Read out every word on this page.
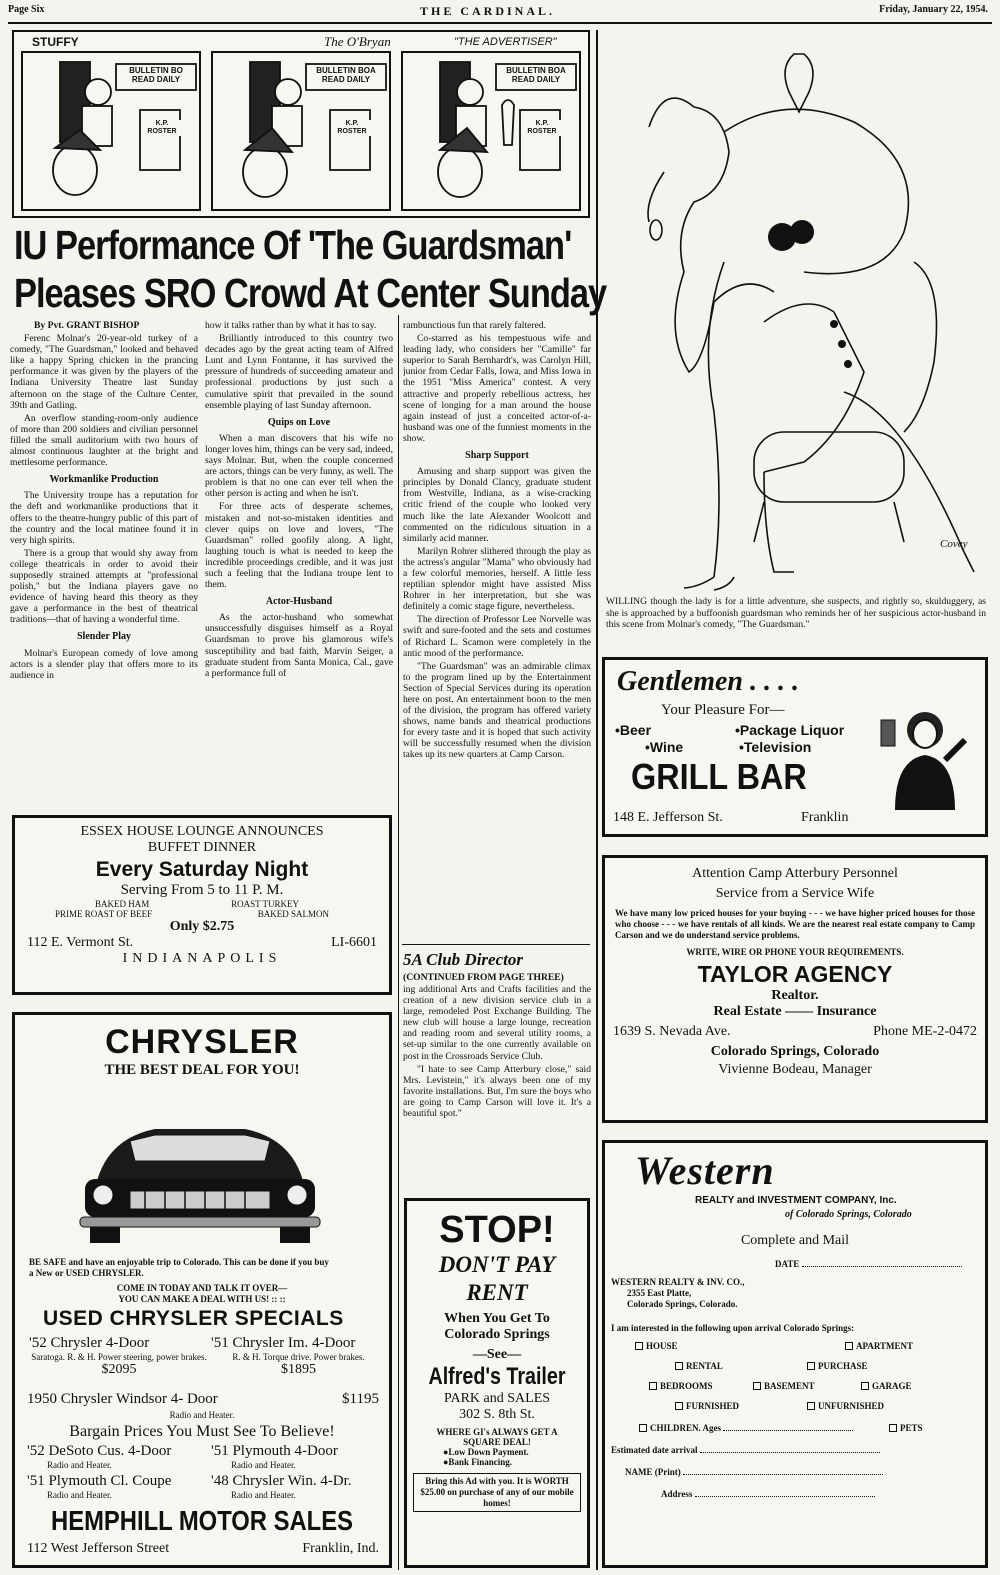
Page Six	THE CARDINAL.	Friday, January 22, 1954.
STUFFY	The O'Bryan	"THE ADVERTISER"
BULLETIN BO
READ DAILY
BULLETIN BOA
READ DAILY
BULLETIN BOA
READ DAILY
K.P. ROSTER
K.P. ROSTER
K.P. ROSTER
IU Performance Of 'The Guardsman'
Pleases SRO Crowd At Center Sunday
By Pvt. GRANT BISHOP

Ferenc Molnar's 20-year-old turkey of a comedy, "The Guardsman," looked and behaved like a happy Spring chicken in the prancing performance it was given by the players of the Indiana University Theatre last Sunday afternoon on the stage of the Culture Center, 39th and Gatling.

An overflow standing-room-only audience of more than 200 soldiers and civilian personnel filled the small auditorium with two hours of almost continuous laughter at the bright and mettlesome performance.

Workmanlike Production

The University troupe has a reputation for the deft and workmanlike productions that it offers to the theatre-hungry public of this part of the country and the local matinee found it in very high spirits.

There is a group that would shy away from college theatricals in order to avoid their supposedly strained attempts at "professional polish," but the Indiana players gave no evidence of having heard this theory as they gave a performance in the best of theatrical traditions—that of having a wonderful time.

Slender Play

Molnar's European comedy of love among actors is a slender play that offers more to its audience in

how it talks rather than by what it has to say.

Brilliantly introduced to this country two decades ago by the great acting team of Alfred Lunt and Lynn Fontanne, it has survived the pressure of hundreds of succeeding amateur and professional productions by just such a cumulative spirit that prevailed in the sound ensemble playing of last Sunday afternoon.

Quips on Love

When a man discovers that his wife no longer loves him, things can be very sad, indeed, says Molnar. But, when the couple concerned are actors, things can be very funny, as well. The problem is that no one can ever tell when the other person is acting and when he isn't.

For three acts of desperate schemes, mistaken and not-so-mistaken identities and clever quips on love and lovers, "The Guardsman" rolled goofily along. A light, laughing touch is what is needed to keep the incredible proceedings credible, and it was just such a feeling that the Indiana troupe lent to them.

Actor-Husband

As the actor-husband who somewhat unsuccessfully disguises himself as a Royal Guardsman to prove his glamorous wife's susceptibility and bad faith, Marvin Seiger, a graduate student from Santa Monica, Cal., gave a performance full of

rambunctious fun that rarely faltered.

Co-starred as his tempestuous wife and leading lady, who considers her "Camille" far superior to Sarah Bernhardt's, was Carolyn Hill, junior from Cedar Falls, Iowa, and Miss Iowa in the 1951 "Miss America" contest. A very attractive and properly rebellious actress, her scene of longing for a man around the house again instead of just a conceited actor-of-a-husband was one of the funniest moments in the show.

Sharp Support

Amusing and sharp support was given the principles by Donald Clancy, graduate student from Westville, Indiana, as a wise-cracking critic friend of the couple who looked very much like the late Alexander Woolcott and commented on the ridiculous situation in a similarly acid manner.

Marilyn Rohrer slithered through the play as the actress's angular "Mama" who obviously had a few colorful memories, herself. A little less reptilian splendor might have assisted Miss Rohrer in her interpretation, but she was definitely a comic stage figure, nevertheless.

The direction of Professor Lee Norvelle was swift and sure-footed and the sets and costumes of Richard L. Scamon were completely in the antic mood of the performance.

"The Guardsman" was an admirable climax to the program lined up by the Entertainment Section of Special Services during its operation here on post. An entertainment boon to the men of the division, the program has offered variety shows, name bands and theatrical productions for every taste and it is hoped that such activity will be successfully resumed when the division takes up its new quarters at Camp Carson.

5A Club Director
(CONTINUED FROM PAGE THREE)

ing additional Arts and Crafts facilities and the creation of a new division service club in a large, remodeled Post Exchange Building. The new club will house a large lounge, recreation and reading room and several utility rooms, a set-up similar to the one currently available on post in the Crossroads Service Club.

"I hate to see Camp Atterbury close," said Mrs. Levistein," it's always been one of my favorite installations. But, I'm sure the boys who are going to Camp Carson will love it. It's a beautiful spot."

ESSEX HOUSE LOUNGE ANNOUNCES
BUFFET DINNER
Every Saturday Night
Serving From 5 to 11 P. M.
BAKED HAM	ROAST TURKEY
PRIME ROAST OF BEEF	BAKED SALMON
Only $2.75
112 E. Vermont St.	LI-6601
INDIANAPOLIS
CHRYSLER
THE BEST DEAL FOR YOU!
BE SAFE and have an enjoyable trip to Colorado. This can be done if you buy a New or USED CHRYSLER.
COME IN TODAY AND TALK IT OVER—
YOU CAN MAKE A DEAL WITH US! :: ::
USED CHRYSLER SPECIALS
'52 Chrysler 4-Door
Saratoga. R. & H. Power steering, power brakes.
$2095
'51 Chrysler Im. 4-Door
R. & H. Torque drive. Power brakes.
$1895
1950 Chrysler Windsor 4- Door	$1195
Radio and Heater.
Bargain Prices You Must See To Believe!
'52 DeSoto Cus. 4-Door
Radio and Heater.
'51 Plymouth 4-Door
Radio and Heater.
'51 Plymouth Cl. Coupe
Radio and Heater.
'48 Chrysler Win. 4-Dr.
Radio and Heater.
HEMPHILL MOTOR SALES
112 West Jefferson Street	Franklin, Ind.
STOP!
DON'T PAY
RENT
When You Get To
Colorado Springs
—See—
Alfred's Trailer
PARK and SALES
302 S. 8th St.
WHERE GI's ALWAYS GET A
SQUARE DEAL!
●Low Down Payment.
●Bank Financing.
Bring this Ad with you. It is WORTH $25.00 on purchase of any of our mobile homes!
Covey
WILLING though the lady is for a little adventure, she suspects, and rightly so, skulduggery, as she is approached by a buffoonish guardsman who reminds her of her suspicious actor-husband in this scene from Molnar's comedy, "The Guardsman."
Gentlemen . . . .
Your Pleasure For—
•Beer	•Package Liquor
•Wine	•Television
GRILL BAR
148 E. Jefferson St.	Franklin
Attention Camp Atterbury Personnel
Service from a Service Wife
We have many low priced houses for your buying - - - we have higher priced houses for those who choose - - - we have rentals of all kinds. We are the nearest real estate company to Camp Carson and we do understand service problems.
WRITE, WIRE OR PHONE YOUR REQUIREMENTS.
TAYLOR AGENCY
Realtor.
Real Estate —— Insurance
1639 S. Nevada Ave.	Phone ME-2-0472
Colorado Springs, Colorado
Vivienne Bodeau, Manager
Western
REALTY and INVESTMENT COMPANY, Inc.
of Colorado Springs, Colorado
Complete and Mail
DATE
WESTERN REALTY & INV. CO.,
2355 East Platte,
Colorado Springs, Colorado.
I am interested in the following upon arrival Colorado Springs:
HOUSE	APARTMENT
RENTAL	PURCHASE
BEDROOMS	BASEMENT	GARAGE
FURNISHED	UNFURNISHED
CHILDREN. Ages	PETS
Estimated date arrival
NAME (Print)
Address
